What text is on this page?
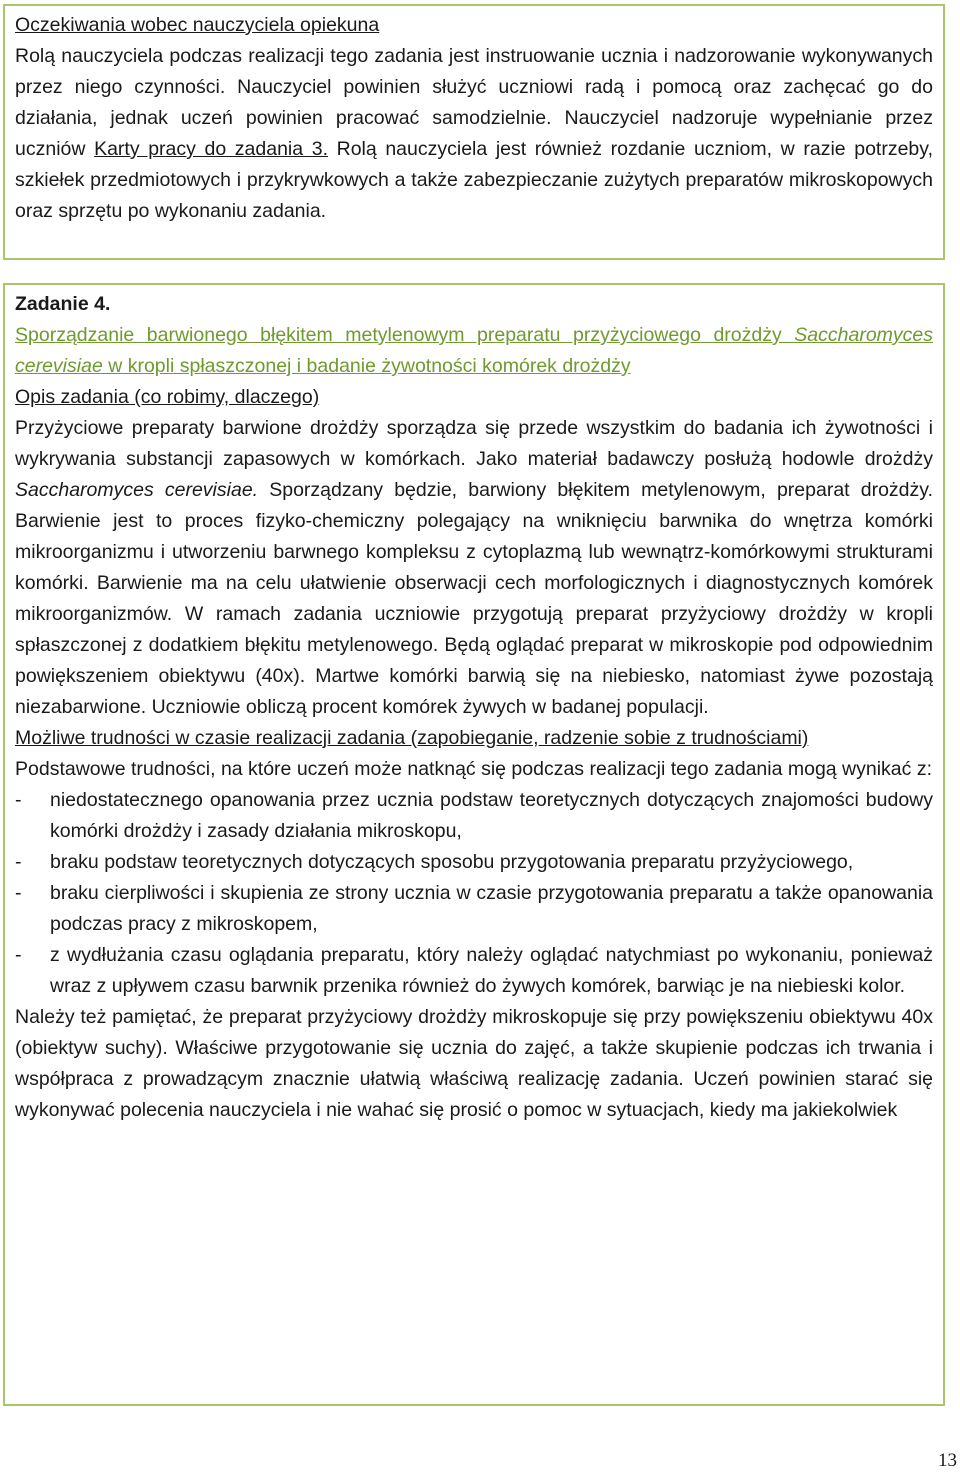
Oczekiwania wobec nauczyciela opiekuna

Rolą nauczyciela podczas realizacji tego zadania jest instruowanie ucznia i nadzorowanie wykonywanych przez niego czynności. Nauczyciel powinien służyć uczniowi radą i pomocą oraz zachęcać go do działania, jednak uczeń powinien pracować samodzielnie. Nauczyciel nadzoruje wypełnianie przez uczniów Karty pracy do zadania 3. Rolą nauczyciela jest również rozdanie uczniom, w razie potrzeby, szkiełek przedmiotowych i przykrywkowych a także zabezpieczanie zużytych preparatów mikroskopowych oraz sprzętu po wykonaniu zadania.

Zadanie 4.

Sporządzanie barwionego błękitem metylenowym preparatu przyżyciowego drożdży Saccharomyces cerevisiae w kropli spłaszczonej i badanie żywotności komórek drożdży

Opis zadania (co robimy, dlaczego)

Przyżyciowe preparaty barwione drożdży sporządza się przede wszystkim do badania ich żywotności i wykrywania substancji zapasowych w komórkach. Jako materiał badawczy posłużą hodowle drożdży Saccharomyces cerevisiae. Sporządzany będzie, barwiony błękitem metylenowym, preparat drożdży. Barwienie jest to proces fizyko-chemiczny polegający na wniknięciu barwnika do wnętrza komórki mikroorganizmu i utworzeniu barwnego kompleksu z cytoplazmą lub wewnątrz-komórkowymi strukturami komórki. Barwienie ma na celu ułatwienie obserwacji cech morfologicznych i diagnostycznych komórek mikroorganizmów. W ramach zadania uczniowie przygotują preparat przyżyciowy drożdży w kropli spłaszczonej z dodatkiem błękitu metylenowego. Będą oglądać preparat w mikroskopie pod odpowiednim powiększeniem obiektywu (40x). Martwe komórki barwią się na niebiesko, natomiast żywe pozostają niezabarwione. Uczniowie obliczą procent komórek żywych w badanej populacji.

Możliwe trudności w czasie realizacji zadania (zapobieganie, radzenie sobie z trudnościami)

Podstawowe trudności, na które uczeń może natknąć się podczas realizacji tego zadania mogą wynikać z:

- niedostatecznego opanowania przez ucznia podstaw teoretycznych dotyczących znajomości budowy komórki drożdży i zasady działania mikroskopu,
- braku podstaw teoretycznych dotyczących sposobu przygotowania preparatu przyżyciowego,
- braku cierpliwości i skupienia ze strony ucznia w czasie przygotowania preparatu a także opanowania podczas pracy z mikroskopem,
- z wydłużania czasu oglądania preparatu, który należy oglądać natychmiast po wykonaniu, ponieważ wraz z upływem czasu barwnik przenika również do żywych komórek, barwiąc je na niebieski kolor.

Należy też pamiętać, że preparat przyżyciowy drożdży mikroskopuje się przy powiększeniu obiektywu 40x (obiektyw suchy). Właściwe przygotowanie się ucznia do zajęć, a także skupienie podczas ich trwania i współpraca z prowadzącym znacznie ułatwią właściwą realizację zadania. Uczeń powinien starać się wykonywać polecenia nauczyciela i nie wahać się prosić o pomoc w sytuacjach, kiedy ma jakiekolwiek

13
